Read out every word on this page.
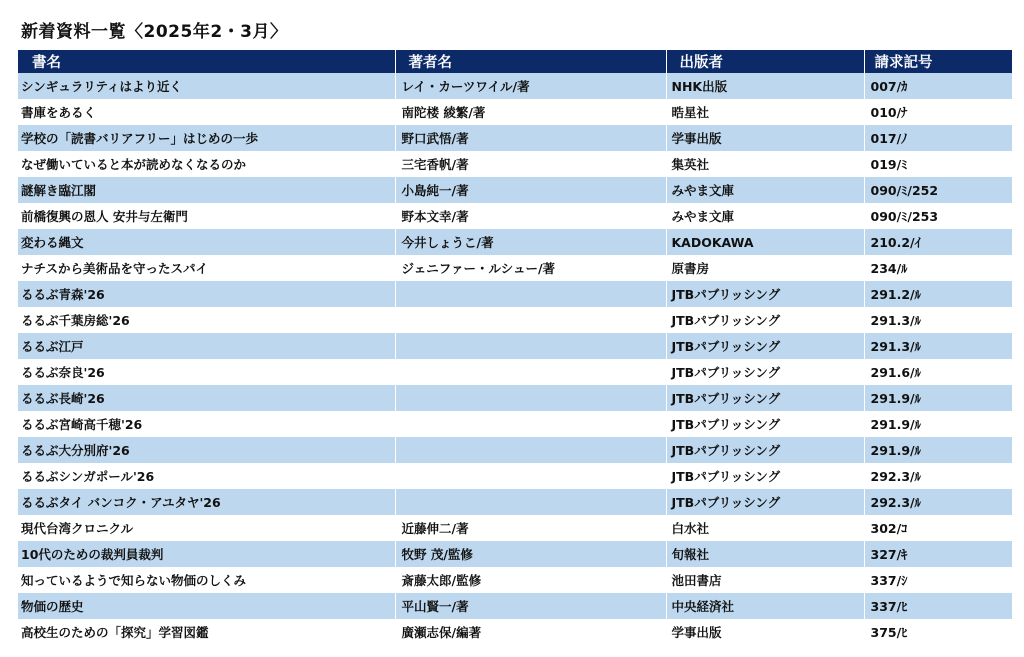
新着資料一覧〈2025年2・3月〉
書名	著者名	出版者	請求記号
シンギュラリティはより近く	レイ・カーツワイル/著	NHK出版	007/ｶ
書庫をあるく	南陀楼 綾繁/著	晧星社	010/ﾅ
学校の「読書バリアフリー」はじめの一歩	野口武悟/著	学事出版	017/ﾉ
なぜ働いていると本が読めなくなるのか	三宅香帆/著	集英社	019/ﾐ
謎解き臨江閣	小島純一/著	みやま文庫	090/ﾐ/252
前橋復興の恩人 安井与左衛門	野本文幸/著	みやま文庫	090/ﾐ/253
変わる縄文	今井しょうこ/著	KADOKAWA	210.2/ｲ
ナチスから美術品を守ったスパイ	ジェニファー・ルシュー/著	原書房	234/ﾙ
るるぶ青森'26		JTBパブリッシング	291.2/ﾙ
るるぶ千葉房総'26		JTBパブリッシング	291.3/ﾙ
るるぶ江戸		JTBパブリッシング	291.3/ﾙ
るるぶ奈良'26		JTBパブリッシング	291.6/ﾙ
るるぶ長崎'26		JTBパブリッシング	291.9/ﾙ
るるぶ宮崎高千穂'26		JTBパブリッシング	291.9/ﾙ
るるぶ大分別府'26		JTBパブリッシング	291.9/ﾙ
るるぶシンガポール'26		JTBパブリッシング	292.3/ﾙ
るるぶタイ バンコク・アユタヤ'26		JTBパブリッシング	292.3/ﾙ
現代台湾クロニクル	近藤伸二/著	白水社	302/ｺ
10代のための裁判員裁判	牧野 茂/監修	旬報社	327/ｷ
知っているようで知らない物価のしくみ	斎藤太郎/監修	池田書店	337/ｼ
物価の歴史	平山賢一/著	中央経済社	337/ﾋ
高校生のための「探究」学習図鑑	廣瀬志保/編著	学事出版	375/ﾋ
